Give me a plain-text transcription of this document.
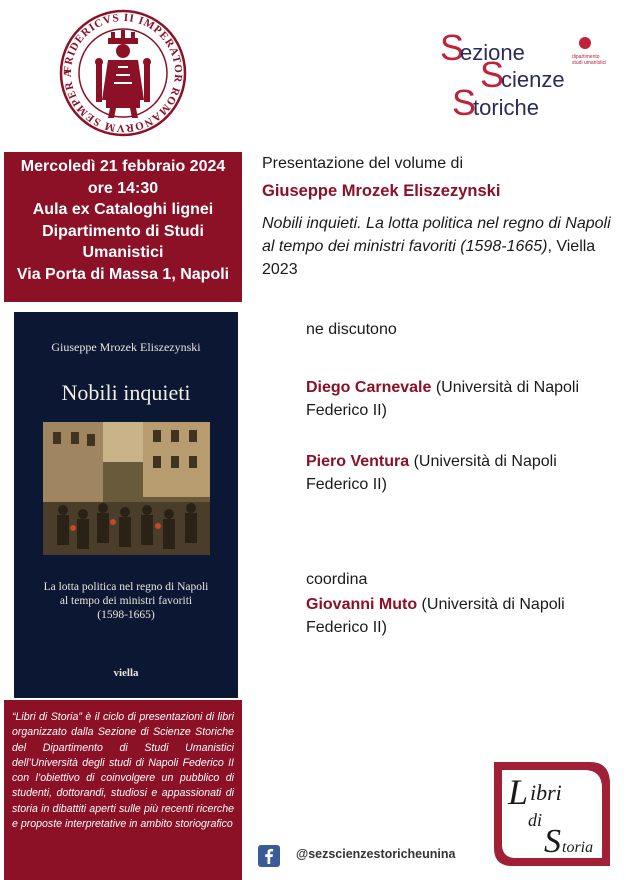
FRIDERICVS II IMPERATOR ROMANORVM SEMPER A
S
ezione
S
cienze
S
toriche
dipartimento
studi umanistici
Mercoledì 21 febbraio 2024
ore 14:30
Aula ex Cataloghi lignei
Dipartimento di Studi
Umanistici
Via Porta di Massa 1, Napoli
Giuseppe Mrozek Eliszezynski
Nobili inquieti
La lotta politica nel regno di Napoli
al tempo dei ministri favoriti
(1598-1665)
viella

“Libri di Storia” è il ciclo di presentazioni di libri organizzato dalla Sezione di Scienze Storiche del Dipartimento di Studi Umanistici dell’Università degli studi di Napoli Federico II con l’obiettivo di coinvolgere un pubblico di studenti, dottorandi, studiosi e appassionati di storia in dibattiti aperti sulle più recenti ricerche e proposte interpretative in ambito storiografico

Presentazione del volume di
Giuseppe Mrozek Eliszezynski
Nobili inquieti. La lotta politica nel regno di Napoli al tempo dei ministri favoriti (1598-1665), Viella 2023
ne discutono
Diego Carnevale (Università di Napoli Federico II)
Piero Ventura (Università di Napoli Federico II)
coordina
Giovanni Muto (Università di Napoli Federico II)
L ibri
di
S toria
@sezscienzestoricheunina
